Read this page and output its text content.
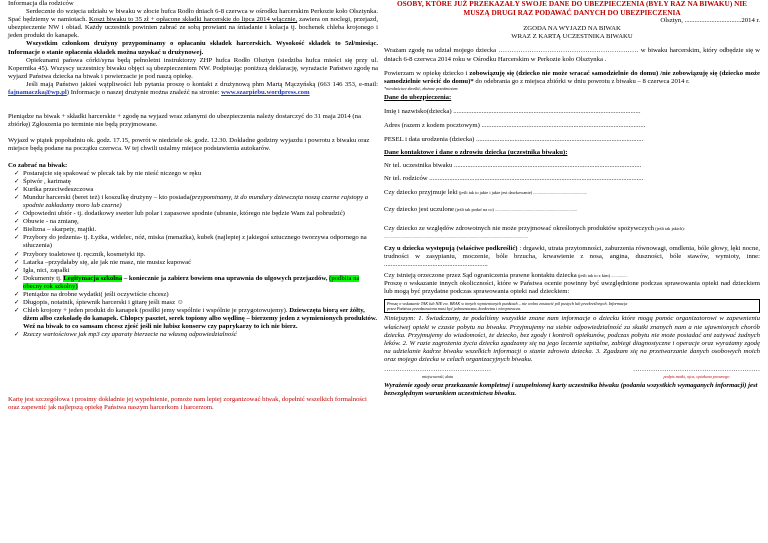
Informacja dla rodziców

Serdecznie do wzięcia udziału w biwaku w złocie hufca Rodło dniach 6-8 czerwca w ośrodku harcerskim Perkozie koło Olsztynka. Spać będziemy w namiotach. Koszt biwaku to 35 zł + opłacone składki harcerskie do lipca 2014 włącznie, zawiera on noclegi, przejazd, ubezpieczenie NW i obiad. Każdy uczestnik powinien zabrać ze sobą prowiant na śniadanie i kolacja tj. bochenek chleba krojonego i jeden produkt do kanapek.

Wszystkim członkom drużyny przypominamy o opłacaniu składek harcerskich. Wysokość składek to 5zł/miesiąc. Informacje o stanie opłacenia składek można uzyskać u drużynowej.

Opiekunami pańswa córki/syna będą pełnoletni instruktorzy ZHP hufca Rodło Olsztyn (siedziba hufca mieści się przy ul. Kopernika 45). Wszyscy uczestnicy biwaku objęci są ubezpieczeniem NW. Podpisując poniższą deklarację, wyrażacie Państwo zgodę na wyjazd Państwa dziecka na biwak i powierzacie je pod naszą opiekę.

Jeśli mają Państwo jakieś wątpliwości lub pytania proszę o kontakt z drużynową phm Martą Mączyńską (663 146 353, e-mail: fajnamaczka@wp.pl) Informacje o naszej drużynie można znaleźć na stronie: www.szarpiebu.wordpress.com

Pieniądze na biwak + składki harcerskie + zgodę na wyjazd wraz zdanymi do ubezpieczenia należy dostarczyć do 31 maja 2014 (na zbiórkę) Zgłoszenia po terminie nie będą przyjmowane.

Wyjazd w piątek popołudniu ok. godz. 17.15, powrót w niedziele ok. godz. 12.30. Dokładne godziny wyjazdu i powrotu z biwaku oraz miejsce będą podane na początku czerwca. W tej chwili ustalmy miejsce podstawienia autokarów.

Co zabrać na biwak:

✓ Postarajcie się spakować w plecak tak by nie nieść niczego w ręku
✓ Śpiwór , karimatę
✓ Kurtka przeciwdeszczowa
✓ Mundur harcerski (beret też) i koszulkę drużyny – kto posiada(przypominamy, iż do mundury dziewczęta noszą czarne rajstopy a spodnie zakładamy moro lub czarne)
✓ Odpowiedni ubiór - tj. dodatkowy sweter lub polar i zapasowe spodnie (ubranie, którego nie będzie Wam żal pobrudzić)
✓ Obuwie - na zmianę,
✓ Bielizna – skarpety, majtki.
✓ Przybory do jedzenia- tj. Łyżka, widelec, nóż, miska (menażka), kubek (najlepiej z jakiegoś sztucznego tworzywa odpornego na stłuczenia)
✓ Przybory toaletowe tj. ręcznik, kosmetyki itp.
✓ Latarka –przydałaby się, ale jak nie masz, nie musisz kupować
✓ Igła, nici, zapałki
✓ Dokumenty tj. Legitymacja szkolna – koniecznie ja zabierz bowiem ona uprawnia do ulgowych przejazdów, (podbita na obecny rok szkolny)
✓ Pieniądze na drobne wydatki( jeśli oczywiście chcesz)
✓ Długopis, notatnik, śpiewnik harcerski i gitarę jeśli masz ☺
✓ Chleb krojony + jeden produkt do kanapek (posiłki jemy wspólnie i wspólnie je przygotowujemy). Dziewczęta biorą ser żółty, dżem albo czekoladę do kanapek. Chłopcy pasztet, serek topiony albo wędlinę – bierzemy jeden z wymienionych produktów. Weź na biwak to co samsam chcesz zjeść jeśli nie lubisz konserw czy paprykarzy to ich nie bierz.
✓ Rzeczy wartościowe jak mp3 czy aparaty bierzecie na własną odpowiedzialność

Kartę jest szczegółowa i prosimy dokładnie jej wypełnienie, pomoże nam lepiej zorganizować biwak, dopełnić wszelkich formalności oraz zapewnić jak najlepszą opiekę Państwa naszym harcerkom i harcerzom.

OSOBY, KTÓRE JUŻ PRZEKAZAŁY SWOJE DANE DO UBEZPIECZENIA (BYŁY RAZ NA BIWAKU) NIE MUSZĄ DRUGI RAZ PODAWAĆ DANYCH DO UBEZPIECZENIA

Olsztyn, ..................................2014 r.

ZGODA NA WYJAZD NA BIWAK

WRAZ Z KARTĄ UCZESTNIKA BIWAKU

Wrażam zgodę na udział mojego dziecka ……………………………………………………… w biwaku harcerskim, który odbędzie się w dniach 6-8 czerwca 2014 roku w Ośrodku Harcerskim w Perkozie koło Olsztynka .

Powierzam w opiekę dziecko i zobowiązuję się (dziecko nie może wracać samodzielnie do domu) /nie zobowiązuję się (dziecko może samodzielnie wrócić do domu)* do odebrania go z miejsca zbiórki w dniu powrotu z biwaku – 8 czerwca 2014 r.

*niewłaściwe skreślić, złożone przedmiotem

Dane do ubezpieczenia:

Imię i nazwisko(dziecka) ................................................................................................................

Adres (razem z kodem pocztowym) ..................................................................................................

PESEL i data urodzenia (dziecka) ....................................................................................................

Dane kontaktowe i dane o zdrowiu dziecka (uczestnika biwaku):

Nr tel. uczestnika biwaku ................................................................................................................

Nr tel. rodziców ................................................................................................................................

Czy dziecko przyjmuje leki (jeśli tak to jakie i jakie jest dawkowanie) .................................................

Czy dziecko jest uczulone (jeśli tak podać na co) ...........................................................................

Czy dziecko ze względów zdrowotnych nie może przyjmować określonych produktów spożywczych (jeśli tak jakich): ...................................................................................................................................

Czy u dziecka występują (właściwe podkreślić) : drgawki, utrata przytomności, zaburzenia równowagi, omdlenia, bóle głowy, lęki nocne, trudności w zasypianiu, moczenie, bóle brzucha, krwawienie z nosa, angina, duszności, bóle stawów, wymioty, inne: ..............................................................

Czy istnieją orzeczone przez Sąd ograniczenia prawne kontaktu dziecka (jeśli tak to z kim) ...............

Proszę o wskazanie innych okoliczności, które w Państwa ocenie powinny być uwzględnione podczas sprawowania opieki nad dzieckiem lub mogą być przydatne podczas sprawowania opieki nad dzieckiem:

Proszę o wskazanie TAK lub NIE ew. BRAK w innych wymienionych punktach – nie wolno zostawić pól pustych lub przekreślonych. Informacja

przez Państwa przedstawiona musi być jednoznaczna, konkretna i nieoprawcza.

Niniejszym: 1. Świadczamy, że podaliśmy wszystkie znane nam informacje o dziecku które mogą pomóc organizatorowi w zapewnieniu właściwej opieki w czasie pobytu na biwaku. Przyjmujemy na siebie odpowiedzialność za skutki znanych nam a nie ujawnionych chorób dziecka. Przyjmujemy do wiadomości, że dziecko, bez zgody i kontroli opiekunów, podczas pobytu nie może posiadać ani zażywać żadnych leków. 2. W razie zagrożenia życia dziecka zgadzamy się na jego leczenie szpitalne, zabiegi diagnostyczne i operacje oraz wyrażamy zgodę na udzielanie kadrze biwaku wszelkich informacji o stanie zdrowia dziecka. 3. Zgadzam się na przetwarzanie danych osobowych moich oraz mojego dziecka w celach organizacyjnych biwaku.

…………………………………………
miejscowość, data
…………………………………………………
podpis matki, ojca, opiekuna prawnego

Wyrażenie zgody oraz przekazanie kompletnej i uzupełnionej karty uczestnika biwaku (podania wszystkich wymaganych informacji) jest bezwzględnym warunkiem uczestnictwa biwaku.
